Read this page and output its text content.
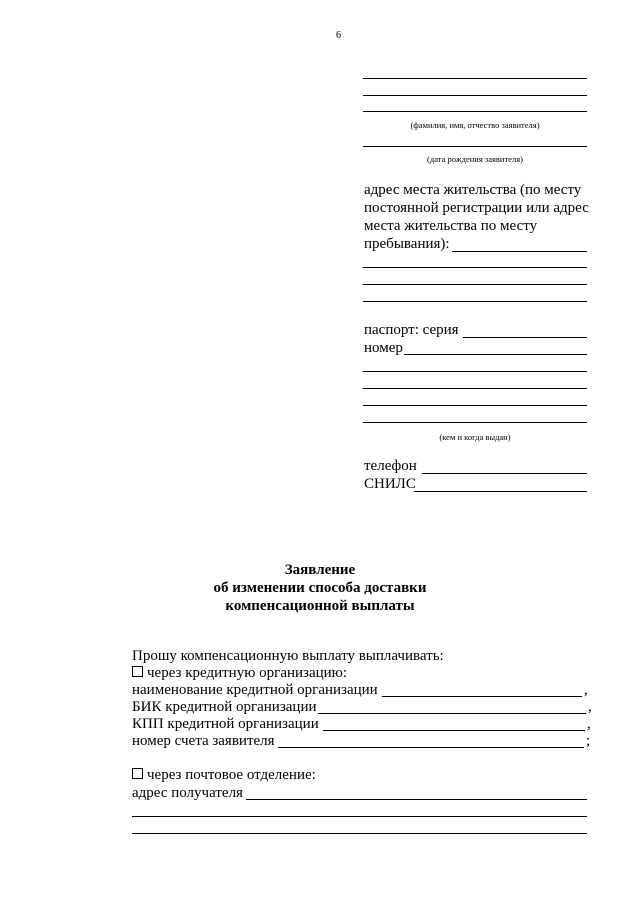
6
(фамилия, имя, отчество заявителя)
(дата рождения заявителя)
адрес места жительства (по месту
постоянной регистрации или адрес
места жительства по месту
пребывания):
паспорт: серия
номер
(кем и когда выдан)
телефон
СНИЛС
Заявление
об изменении способа доставки
компенсационной выплаты
Прошу компенсационную выплату выплачивать:
через кредитную организацию:
наименование кредитной организации	,
БИК кредитной организации	,
КПП кредитной организации	,
номер счета заявителя	;
через почтовое отделение:
адрес получателя
